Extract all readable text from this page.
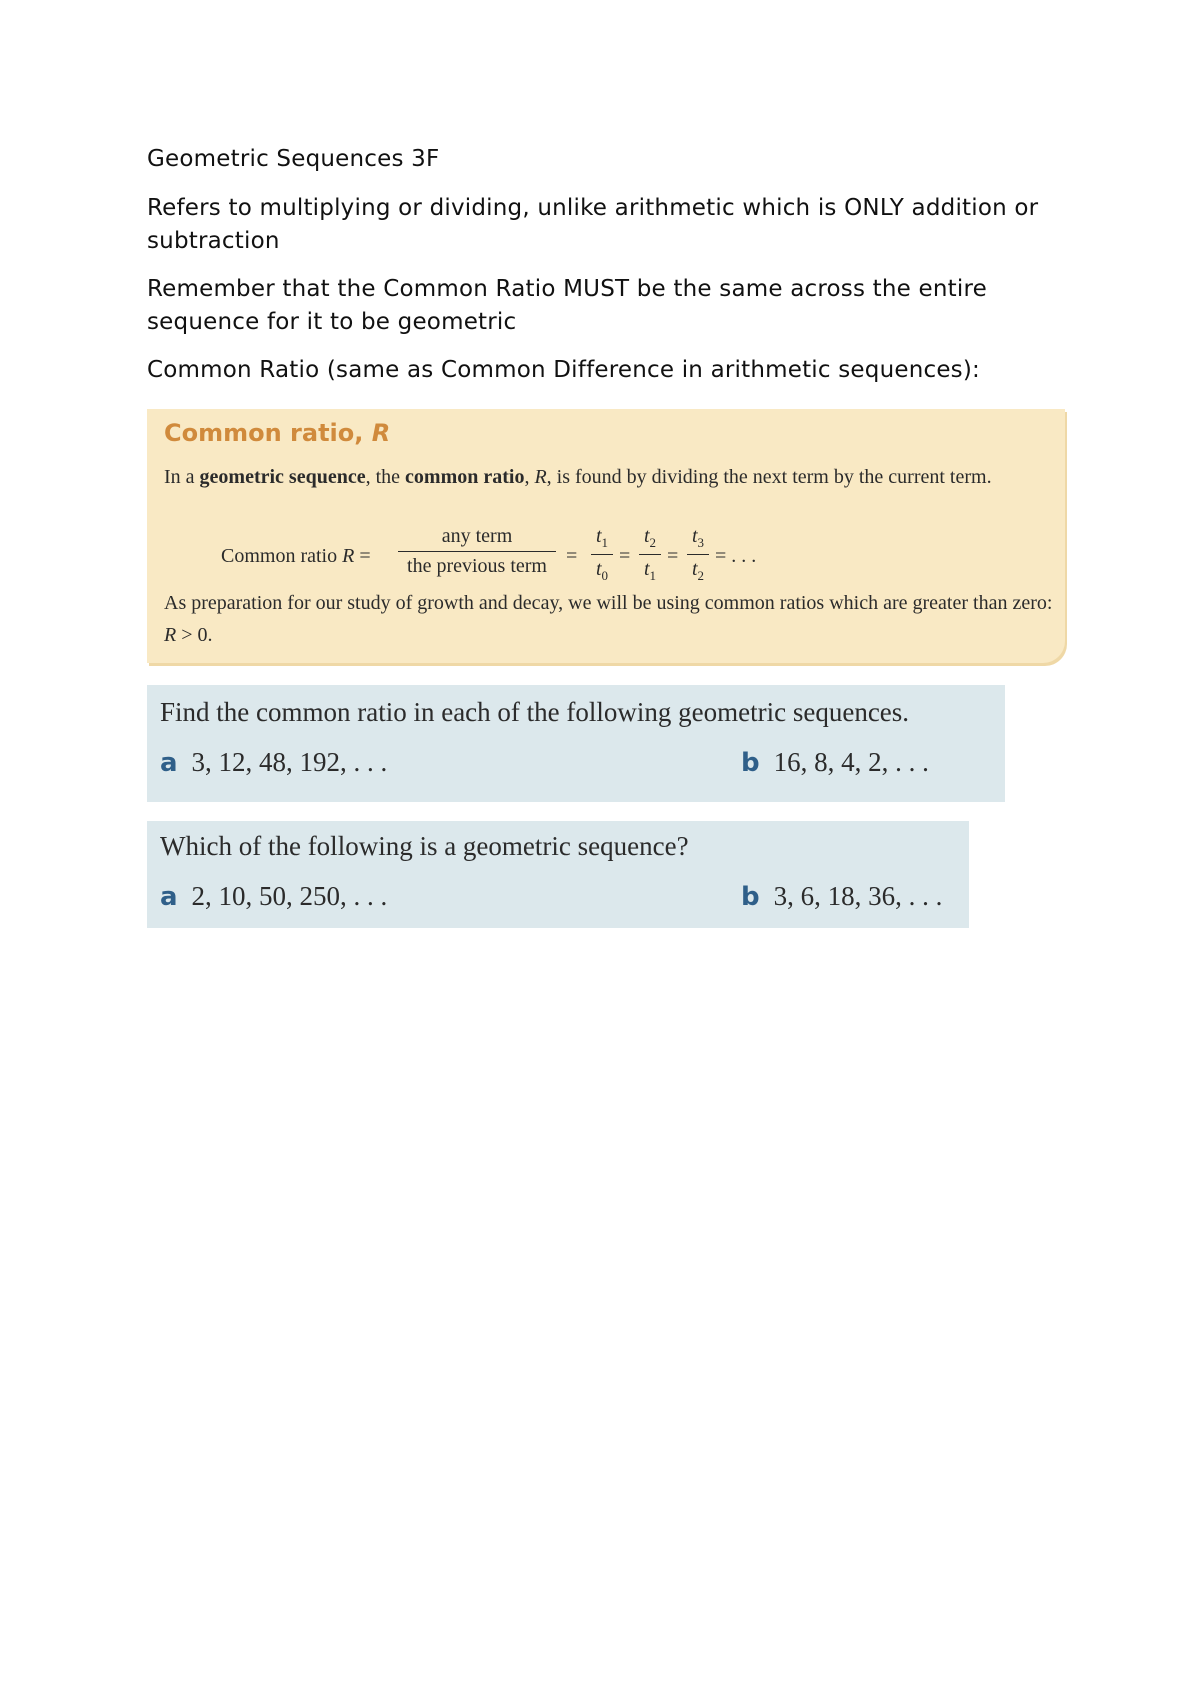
Geometric Sequences 3F

Refers to multiplying or dividing, unlike arithmetic which is ONLY addition or subtraction

Remember that the Common Ratio MUST be the same across the entire sequence for it to be geometric

Common Ratio (same as Common Difference in arithmetic sequences):

Common ratio, R
In a geometric sequence, the common ratio, R, is found by dividing the next term by the current term.
Common ratio R =
any term
the previous term = $\frac{t_1}{t_0} = \frac{t_2}{t_1} = \frac{t_3}{t_2}$ = . . .
As preparation for our study of growth and decay, we will be using common ratios which are greater than zero: R > 0.
Find the common ratio in each of the following geometric sequences.
a 3, 12, 48, 192, . . .	b 16, 8, 4, 2, . . .
Which of the following is a geometric sequence?
a 2, 10, 50, 250, . . .	b 3, 6, 18, 36, . . .
